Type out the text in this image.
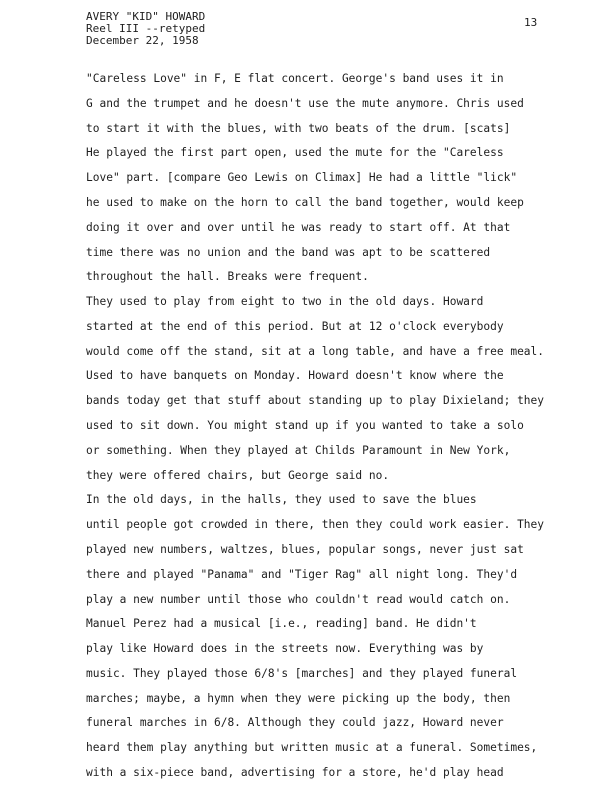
AVERY "KID" HOWARD
Reel III --retyped
December 22, 1958
13
"Careless Love" in F, E flat concert. George's band uses it in
G and the trumpet and he doesn't use the mute anymore. Chris used
to start it with the blues, with two beats of the drum. [scats]
He played the first part open, used the mute for the "Careless
Love" part. [compare Geo Lewis on Climax] He had a little "lick"
he used to make on the horn to call the band together, would keep
doing it over and over until he was ready to start off. At that
time there was no union and the band was apt to be scattered
throughout the hall. Breaks were frequent.
They used to play from eight to two in the old days. Howard
started at the end of this period. But at 12 o'clock everybody
would come off the stand, sit at a long table, and have a free meal.
Used to have banquets on Monday. Howard doesn't know where the
bands today get that stuff about standing up to play Dixieland; they
used to sit down. You might stand up if you wanted to take a solo
or something. When they played at Childs Paramount in New York,
they were offered chairs, but George said no.
In the old days, in the halls, they used to save the blues
until people got crowded in there, then they could work easier. They
played new numbers, waltzes, blues, popular songs, never just sat
there and played "Panama" and "Tiger Rag" all night long. They'd
play a new number until those who couldn't read would catch on.
Manuel Perez had a musical [i.e., reading] band. He didn't
play like Howard does in the streets now. Everything was by
music. They played those 6/8's [marches] and they played funeral
marches; maybe, a hymn when they were picking up the body, then
funeral marches in 6/8. Although they could jazz, Howard never
heard them play anything but written music at a funeral. Sometimes,
with a six-piece band, advertising for a store, he'd play head
